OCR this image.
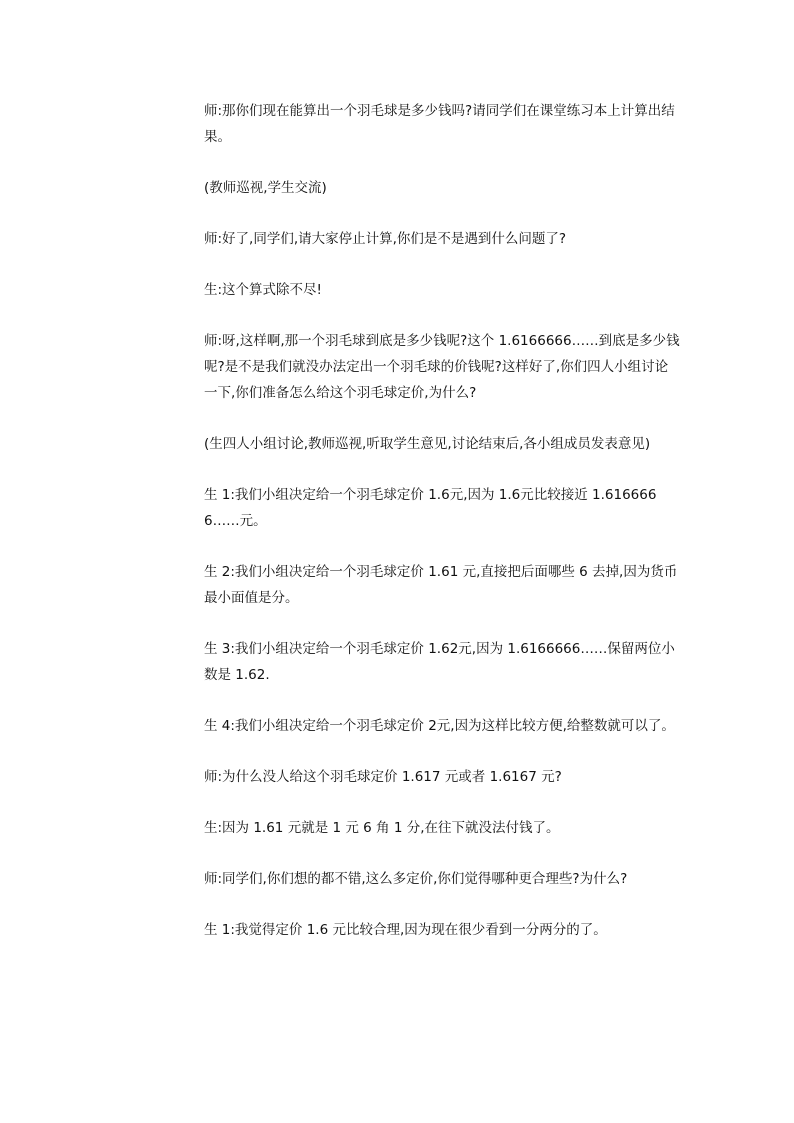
师:那你们现在能算出一个羽毛球是多少钱吗?请同学们在课堂练习本上计算出结果。

(教师巡视,学生交流)

师:好了,同学们,请大家停止计算,你们是不是遇到什么问题了?

生:这个算式除不尽!

师:呀,这样啊,那一个羽毛球到底是多少钱呢?这个 1.6166666……到底是多少钱呢?是不是我们就没办法定出一个羽毛球的价钱呢?这样好了,你们四人小组讨论一下,你们准备怎么给这个羽毛球定价,为什么?

(生四人小组讨论,教师巡视,听取学生意见,讨论结束后,各小组成员发表意见)

生 1:我们小组决定给一个羽毛球定价 1.6元,因为 1.6元比较接近 1.6166666……元。

生 2:我们小组决定给一个羽毛球定价 1.61 元,直接把后面哪些 6 去掉,因为货币最小面值是分。

生 3:我们小组决定给一个羽毛球定价 1.62元,因为 1.6166666……保留两位小数是 1.62.

生 4:我们小组决定给一个羽毛球定价 2元,因为这样比较方便,给整数就可以了。

师:为什么没人给这个羽毛球定价 1.617 元或者 1.6167 元?

生:因为 1.61 元就是 1 元 6 角 1 分,在往下就没法付钱了。

师:同学们,你们想的都不错,这么多定价,你们觉得哪种更合理些?为什么?

生 1:我觉得定价 1.6 元比较合理,因为现在很少看到一分两分的了。
